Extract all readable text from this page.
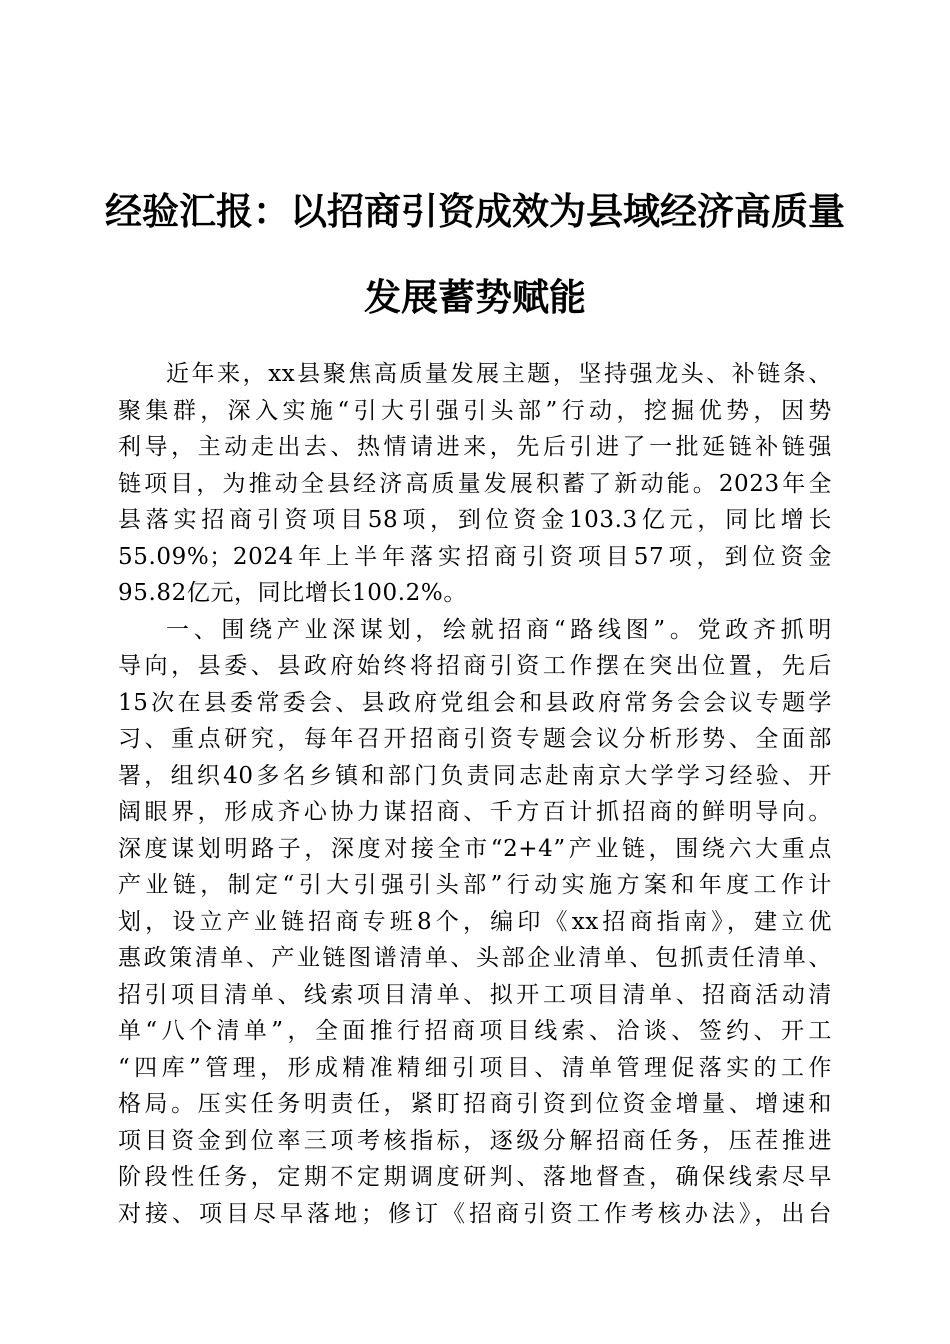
经验汇报：以招商引资成效为县域经济高质量
发展蓄势赋能
近年来，xx县聚焦高质量发展主题，坚持强龙头、补链条、
聚集群，深入实施“引大引强引头部”行动，挖掘优势，因势
利导，主动走出去、热情请进来，先后引进了一批延链补链强
链项目，为推动全县经济高质量发展积蓄了新动能。2023年全
县落实招商引资项目58项，到位资金103.3亿元，同比增长
55.09%；2024年上半年落实招商引资项目57项，到位资金
95.82亿元，同比增长100.2%。
一、围绕产业深谋划，绘就招商“路线图”。党政齐抓明
导向，县委、县政府始终将招商引资工作摆在突出位置，先后
15次在县委常委会、县政府党组会和县政府常务会会议专题学
习、重点研究，每年召开招商引资专题会议分析形势、全面部
署，组织40多名乡镇和部门负责同志赴南京大学学习经验、开
阔眼界，形成齐心协力谋招商、千方百计抓招商的鲜明导向。
深度谋划明路子，深度对接全市“2+4”产业链，围绕六大重点
产业链，制定“引大引强引头部”行动实施方案和年度工作计
划，设立产业链招商专班8个，编印《xx招商指南》，建立优
惠政策清单、产业链图谱清单、头部企业清单、包抓责任清单、
招引项目清单、线索项目清单、拟开工项目清单、招商活动清
单“八个清单”，全面推行招商项目线索、洽谈、签约、开工
“四库”管理，形成精准精细引项目、清单管理促落实的工作
格局。压实任务明责任，紧盯招商引资到位资金增量、增速和
项目资金到位率三项考核指标，逐级分解招商任务，压茬推进
阶段性任务，定期不定期调度研判、落地督查，确保线索尽早
对接、项目尽早落地；修订《招商引资工作考核办法》，出台
